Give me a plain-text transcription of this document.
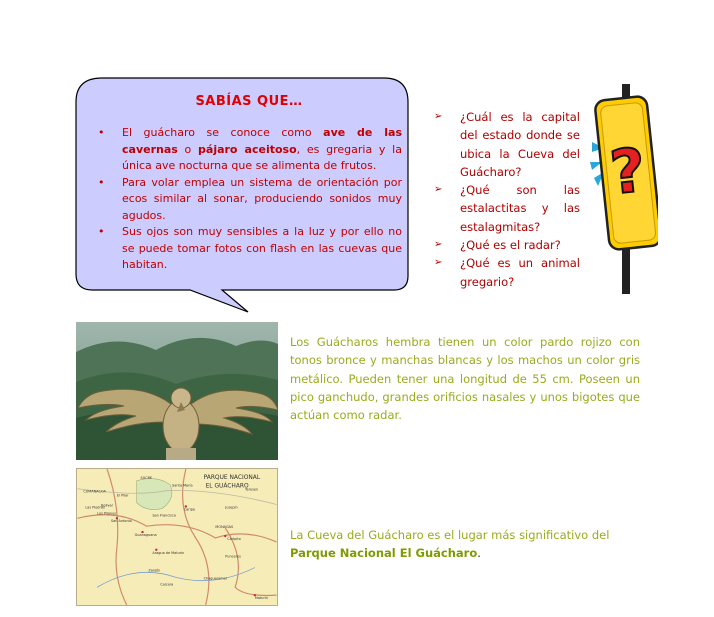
SABÍAS QUE…
• El guácharo se conoce como ave de las cavernas o pájaro aceitoso, es gregaria y la única ave nocturna que se alimenta de frutos.
• Para volar emplea un sistema de orientación por ecos similar al sonar, produciendo sonidos muy agudos.
• Sus ojos son muy sensibles a la luz y por ello no se puede tomar fotos con flash en las cuevas que habitan.
➢ ¿Cuál es la capital del estado donde se ubica la Cueva del Guácharo?
➢ ¿Qué son las estalactitas y las estalagmitas?
➢ ¿Qué es el radar?
➢ ¿Qué es un animal gregario?
?
PARQUE NACIONAL
EL GUÁCHARO
CUMANACOA
SUCRE
MONAGAS
Caripe
San Antonio
Guanaguana
Caripito
Punceres
Maturín
Santa María
San Francisco
Bolivar
Las Piedras
Aragua de Maturín
Chaguaramal
Zanjón
Caicara
Los Pilones
Teresen
Jusepín
El Pilar
Los Guácharos hembra tienen un color pardo rojizo con tonos bronce y manchas blancas y los machos un color gris metálico. Pueden tener una longitud de 55 cm. Poseen un pico ganchudo, grandes orificios nasales y unos bigotes que actúan como radar.
La Cueva del Guácharo es el lugar más significativo del Parque Nacional El Guácharo.
